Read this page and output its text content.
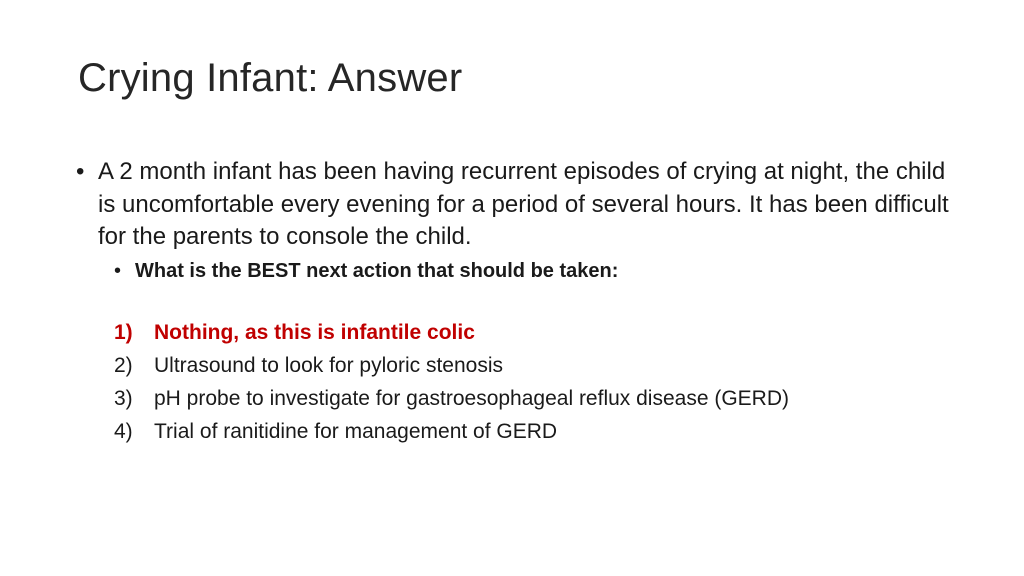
Crying Infant: Answer
• A 2 month infant has been having recurrent episodes of crying at night, the child is uncomfortable every evening for a period of several hours. It has been difficult for the parents to console the child.
• What is the BEST next action that should be taken:
1) Nothing, as this is infantile colic
2) Ultrasound to look for pyloric stenosis
3) pH probe to investigate for gastroesophageal reflux disease (GERD)
4) Trial of ranitidine for management of GERD
